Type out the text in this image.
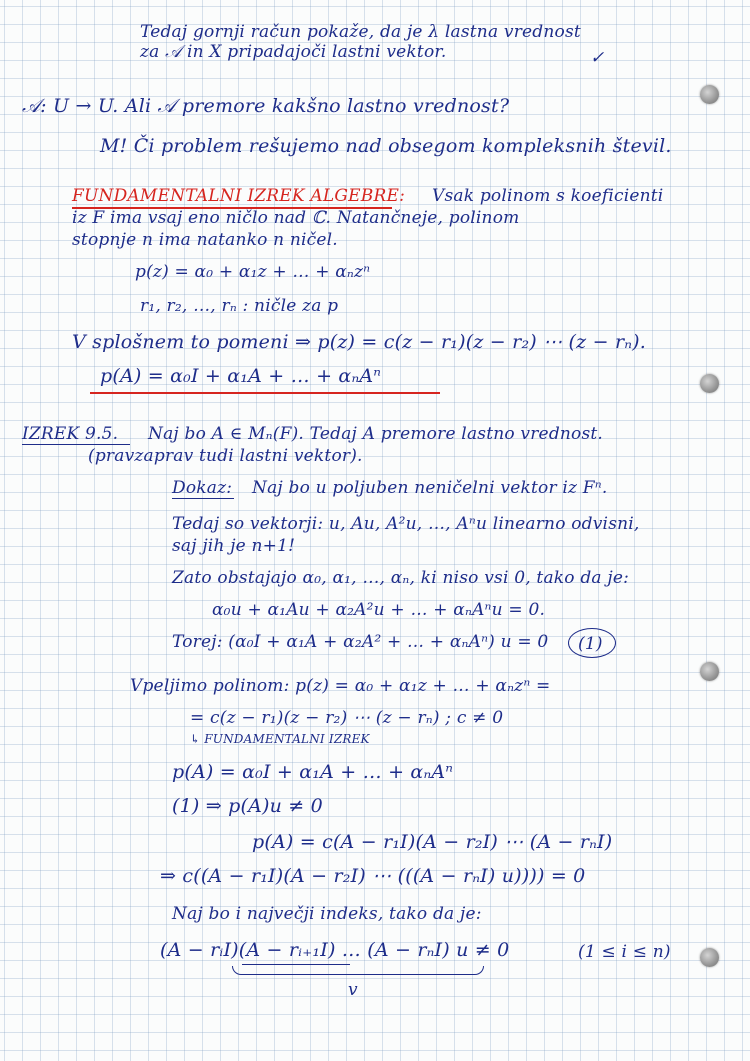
Tedaj gornji račun pokaže, da je λ lastna vrednost
za 𝒜 in X pripadajoči lastni vektor.	✓
𝒜: U → U. Ali 𝒜 premore kakšno lastno vrednost?
M! Či problem rešujemo nad obsegom kompleksnih števil.
FUNDAMENTALNI IZREK ALGEBRE: Vsak polinom s koeficienti
iz F ima vsaj eno ničlo nad ℂ. Natančneje, polinom
stopnje n ima natanko n ničel.
p(z) = α₀ + α₁z + … + αₙzⁿ
r₁, r₂, …, rₙ : ničle za p
V splošnem to pomeni ⇒ p(z) = c(z − r₁)(z − r₂) ⋯ (z − rₙ).
p(A) = α₀I + α₁A + … + αₙAⁿ
IZREK 9.5. Naj bo A ∈ Mₙ(F). Tedaj A premore lastno vrednost.
(pravzaprav tudi lastni vektor).
Dokaz: Naj bo u poljuben neničelni vektor iz Fⁿ.
Tedaj so vektorji: u, Au, A²u, …, Aⁿu linearno odvisni,
saj jih je n+1!
Zato obstajajo α₀, α₁, …, αₙ, ki niso vsi 0, tako da je:
α₀u + α₁Au + α₂A²u + … + αₙAⁿu = 0.
Torej: (α₀I + α₁A + α₂A² + … + αₙAⁿ) u = 0 (1)
Vpeljimo polinom: p(z) = α₀ + α₁z + … + αₙzⁿ =
= c(z − r₁)(z − r₂) ⋯ (z − rₙ) ; c ≠ 0
↳ FUNDAMENTALNI IZREK
p(A) = α₀I + α₁A + … + αₙAⁿ
(1) ⇒ p(A)u ≠ 0
p(A) = c(A − r₁I)(A − r₂I) ⋯ (A − rₙI)
⇒ c((A − r₁I)(A − r₂I) ⋯ (((A − rₙI) u)))) = 0
Naj bo i največji indeks, tako da je:
(A − rᵢI)(A − rᵢ₊₁I) … (A − rₙI) u ≠ 0	(1 ≤ i ≤ n)
v
